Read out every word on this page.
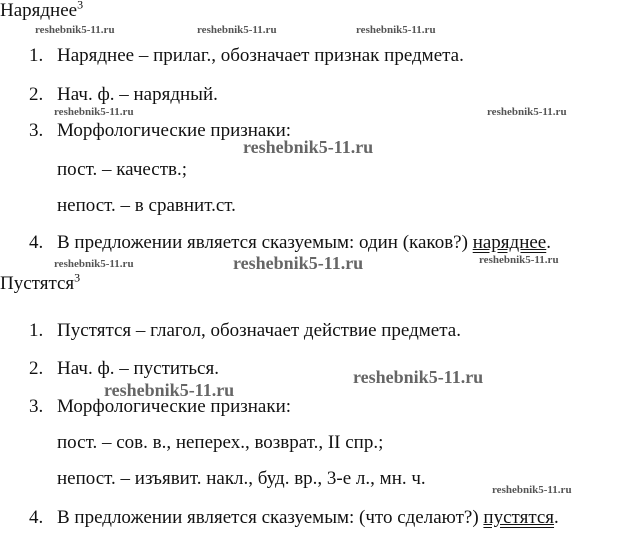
Наряднее$^3$
1. Наряднее – прилаг., обозначает признак предмета.
2. Нач. ф. – нарядный.
3. Морфологические признаки:
пост. – качеств.;
непост. – в сравнит.ст.
4. В предложении является сказуемым: один (каков?) наряднее.
Пустятся$^3$
1. Пустятся – глагол, обозначает действие предмета.
2. Нач. ф. – пуститься.
3. Морфологические признаки:
пост. – сов. в., неперех., возврат., II спр.;
непост. – изъявит. накл., буд. вр., 3-е л., мн. ч.
4. В предложении является сказуемым: (что сделают?) пустятся.
reshebnik5-11.ru	reshebnik5-11.ru	reshebnik5-11.ru
reshebnik5-11.ru	reshebnik5-11.ru
reshebnik5-11.ru
reshebnik5-11.ru	reshebnik5-11.ru	reshebnik5-11.ru
reshebnik5-11.ru
reshebnik5-11.ru
reshebnik5-11.ru
